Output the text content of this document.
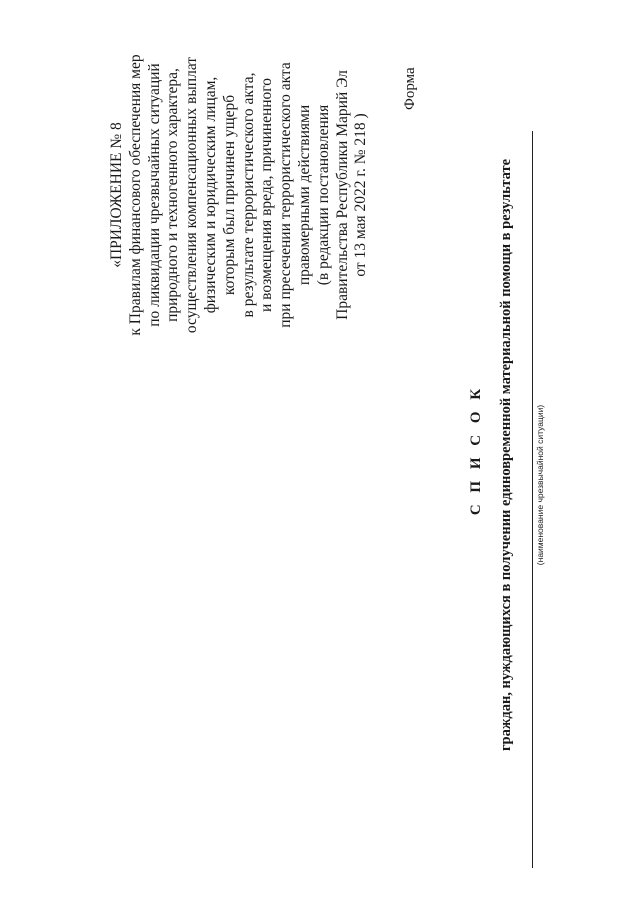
«ПРИЛОЖЕНИЕ № 8 к Правилам финансового обеспечения мер по ликвидации чрезвычайных ситуаций природного и техногенного характера, осуществления компенсационных выплат физическим и юридическим лицам, которым был причинен ущерб в результате террористического акта, и возмещения вреда, причиненного при пресечении террористического акта правомерными действиями (в редакции постановления Правительства Республики Марий Эл от 13 мая 2022 г. № 218 )
Форма
С П И С О К граждан, нуждающихся в получении единовременной материальной помощи в результате (наименование чрезвычайной ситуации)
